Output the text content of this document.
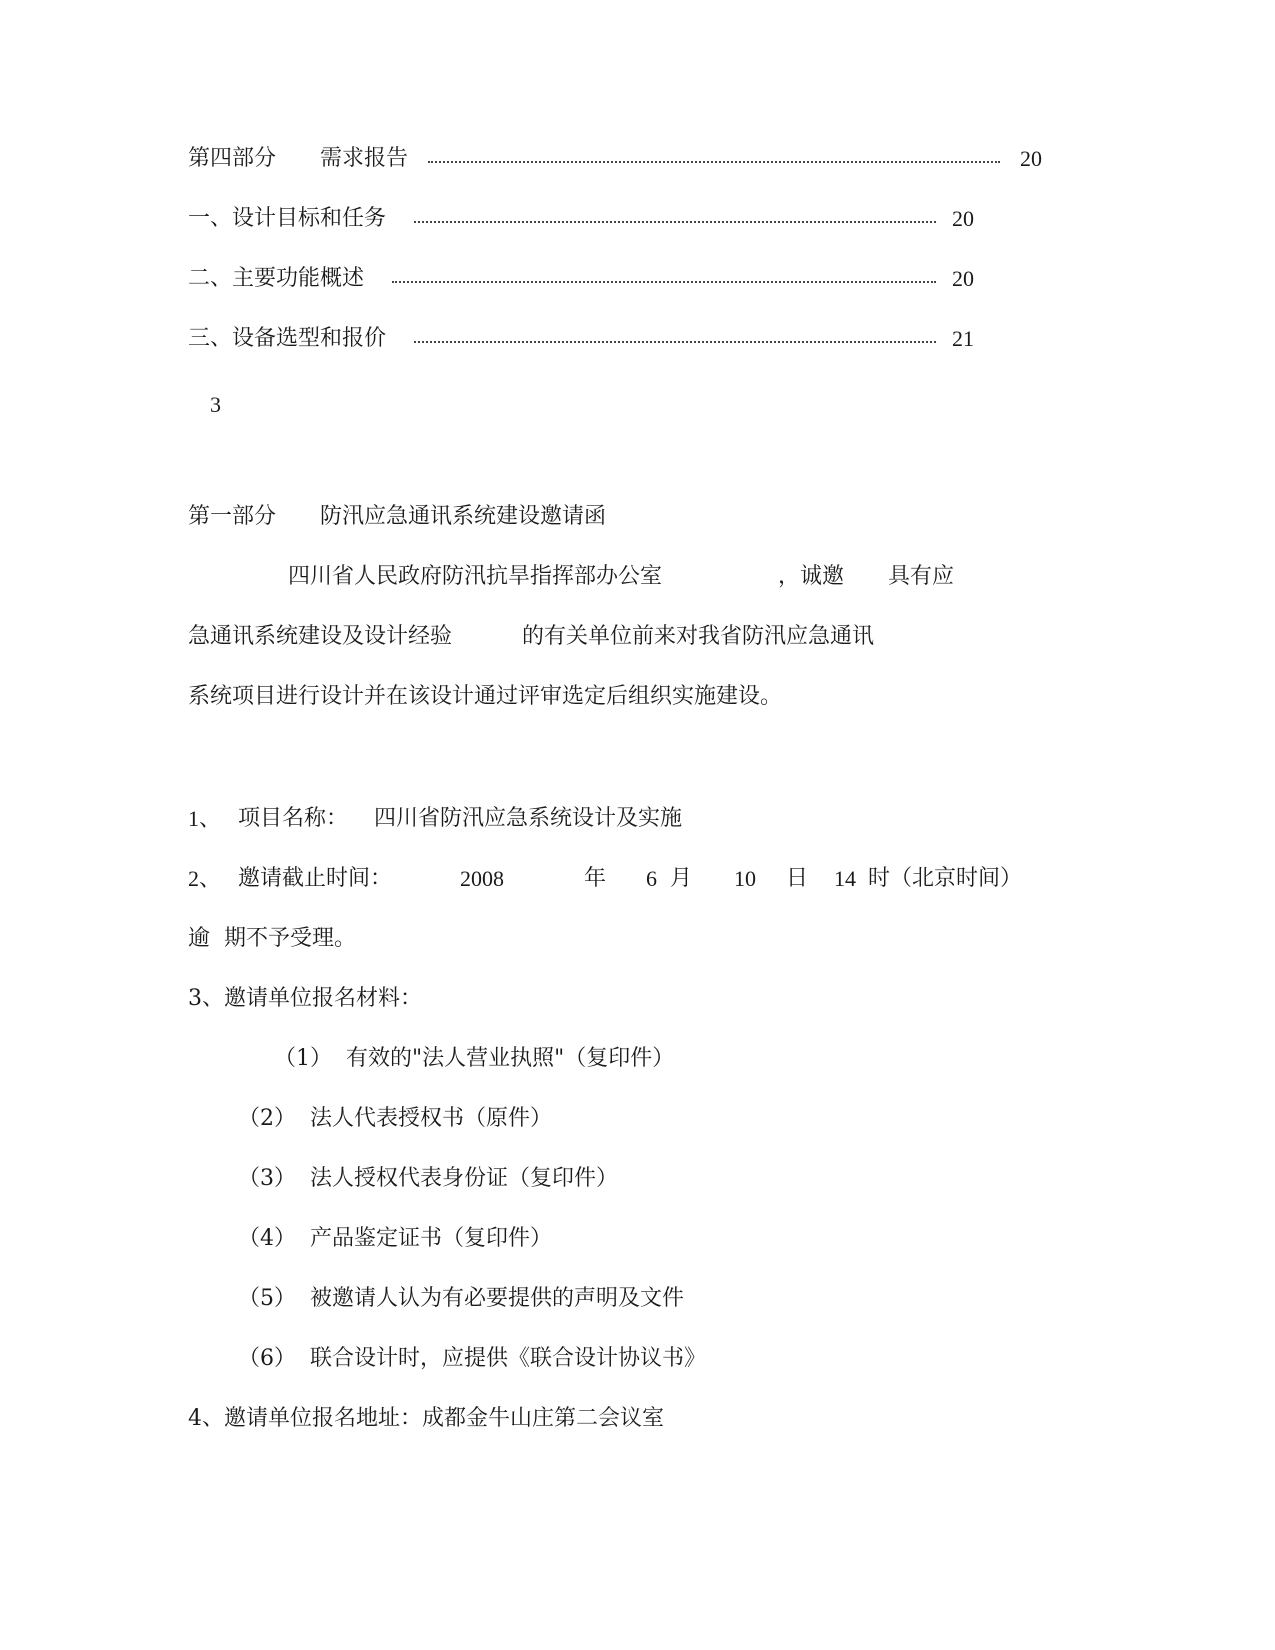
第四部分　　需求报告	20
一、设计目标和任务	20
二、主要功能概述	20
三、设备选型和报价	21
3
第一部分　　防汛应急通讯系统建设邀请函
四川省人民政府防汛抗旱指挥部办公室	，诚邀 具有应
急通讯系统建设及设计经验	的有关单位前来对我省防汛应急通讯
系统项目进行设计并在该设计通过评审选定后组织实施建设。
1、 项目名称： 四川省防汛应急系统设计及实施
2、 邀请截止时间：	2008	年 6 月 10 日 14 时（北京时间）
逾 期不予受理。
3、邀请单位报名材料：
（1） 有效的"法人营业执照"（复印件）
（2） 法人代表授权书（原件）
（3） 法人授权代表身份证（复印件）
（4） 产品鉴定证书（复印件）
（5） 被邀请人认为有必要提供的声明及文件
（6） 联合设计时，应提供《联合设计协议书》
4、邀请单位报名地址：成都金牛山庄第二会议室
